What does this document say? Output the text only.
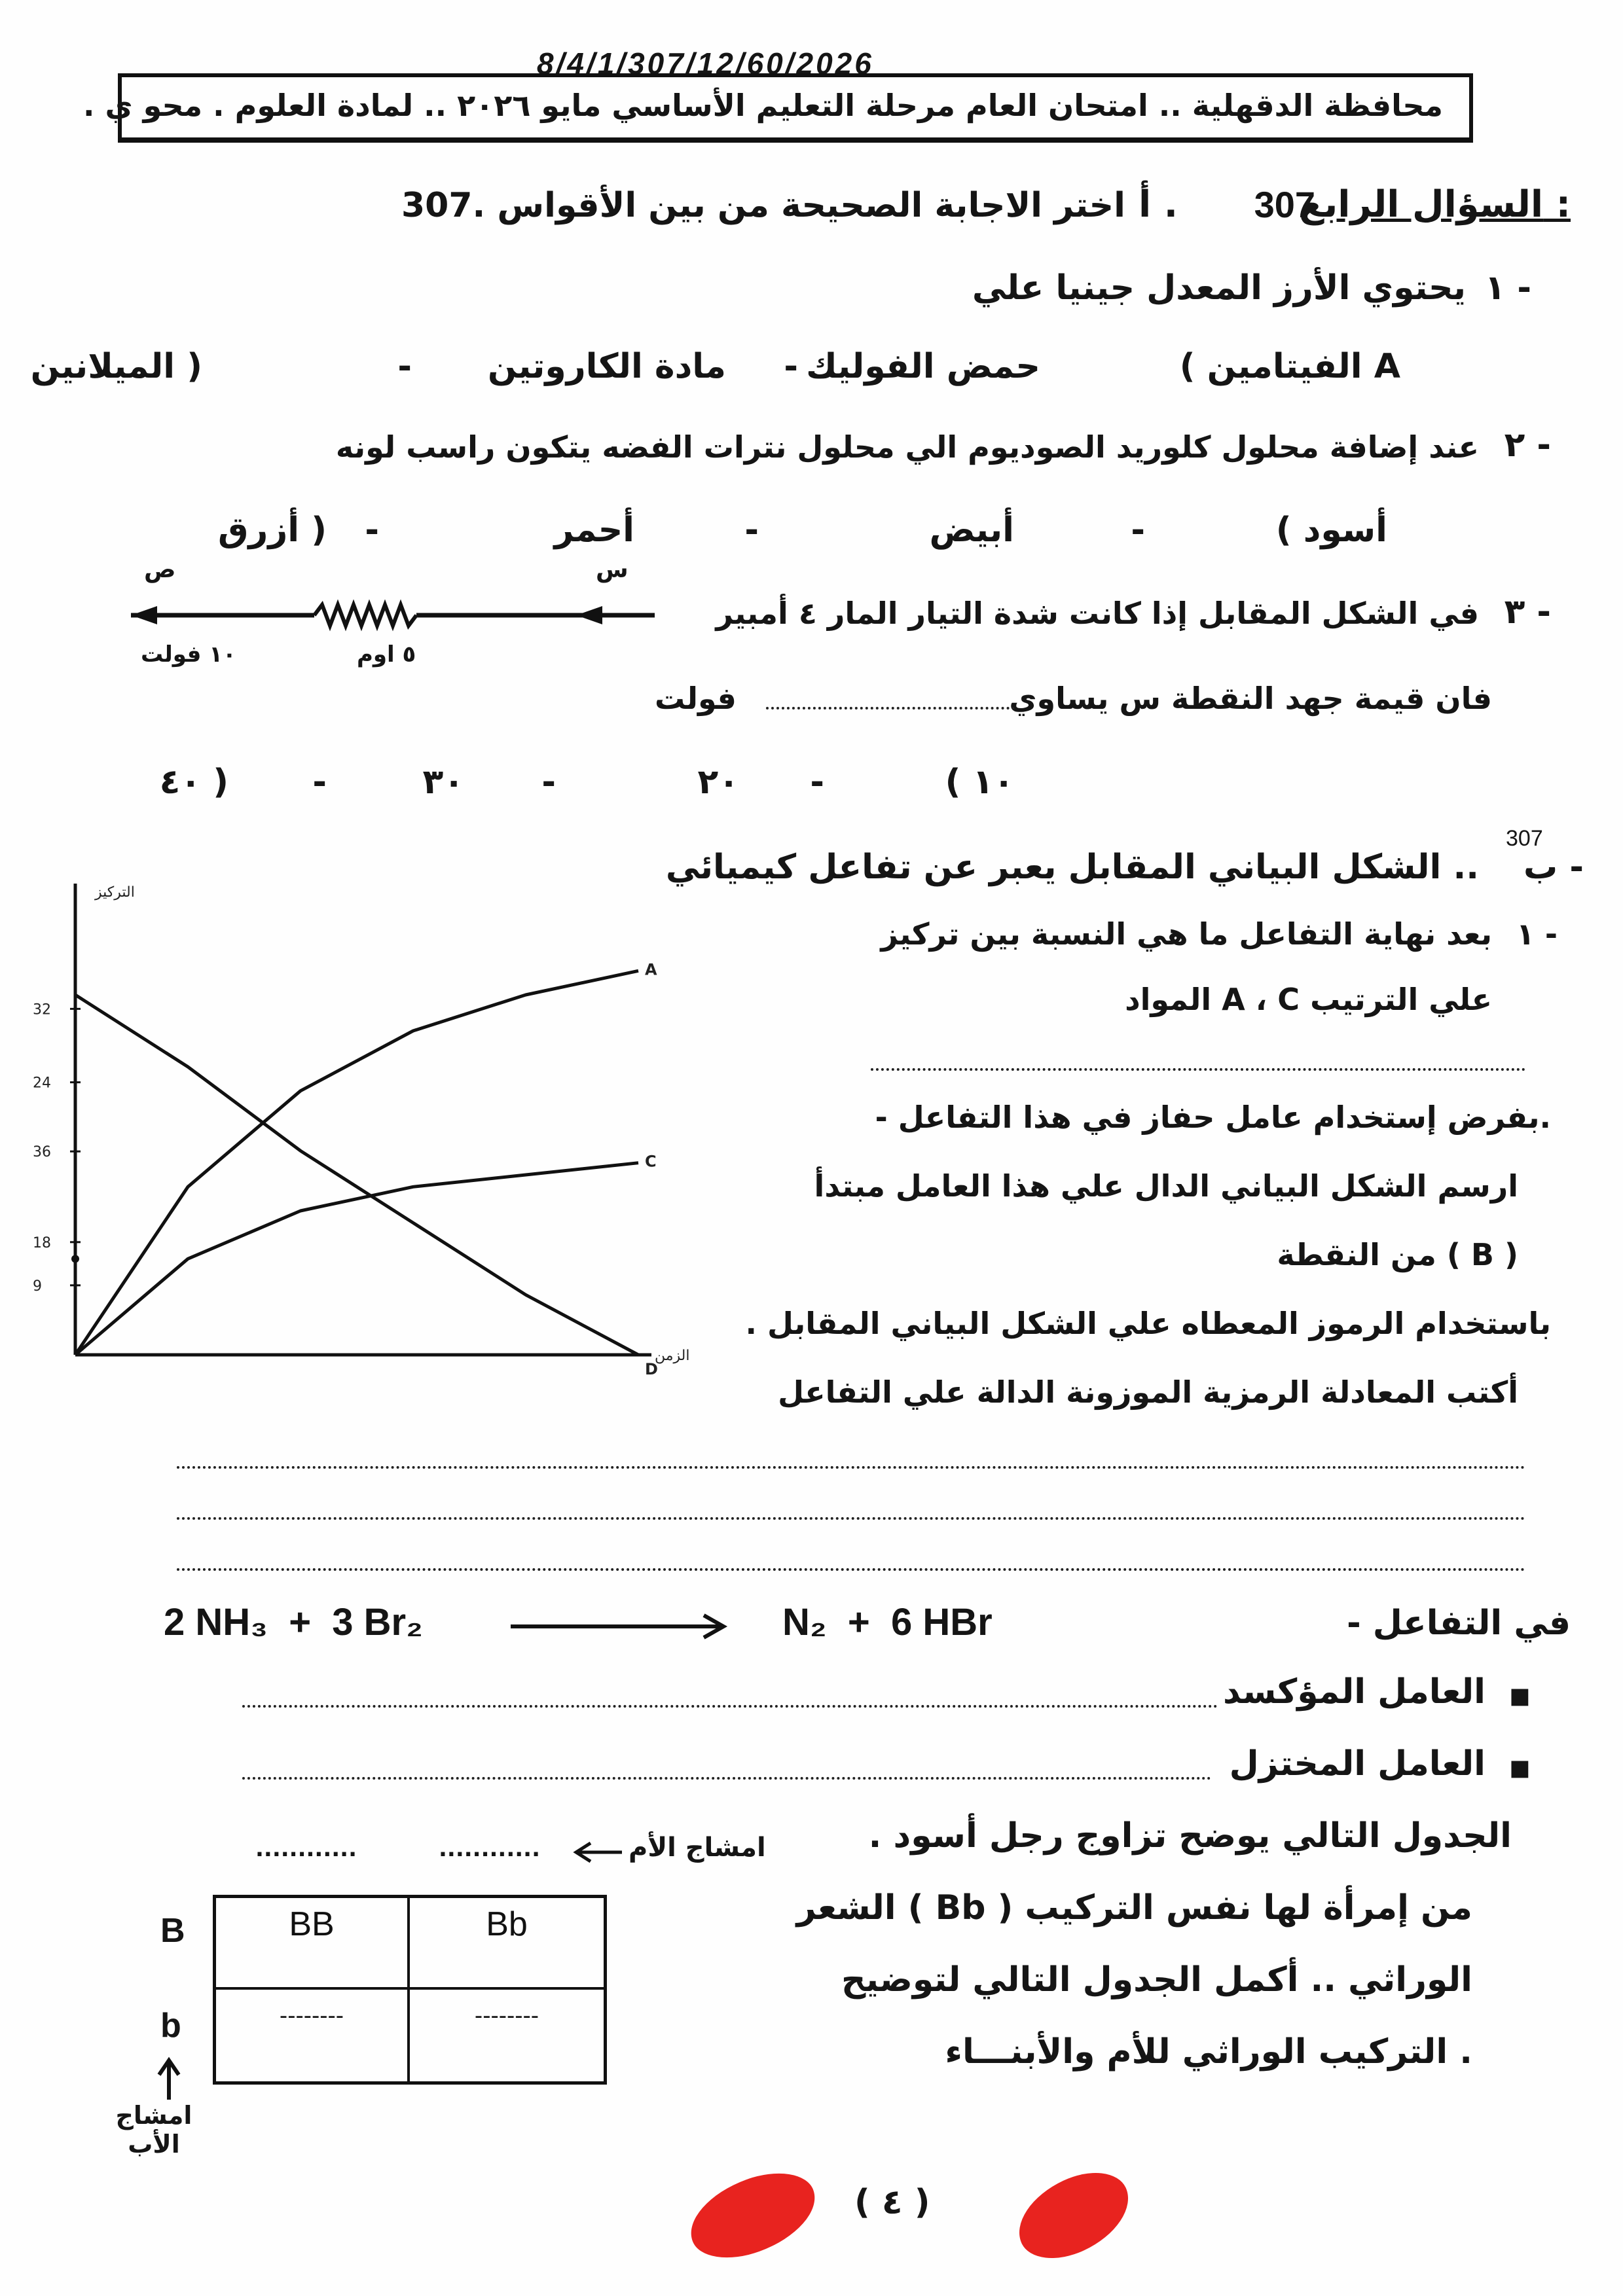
8/4/1/307/12/60/2026
محافظة الدقهلية .. امتحان العام مرحلة التعليم الأساسي مايو ٢٠٢٦ .. لمادة العلوم . محو ي .
السؤال الرابع :
307
أ .
اختر الاجابة الصحيحة من بين الأقواس .307
١ -
يحتوي الأرز المعدل جينيا علي
( الفيتامين A
حمض الفوليك
مادة الكاروتين
الميلانين )	-
-
٢ -
عند إضافة محلول كلوريد الصوديوم الي محلول نترات الفضه يتكون راسب لونه
( أسود
أبيض
أحمر
أزرق )	-
-
-
٣ -
في الشكل المقابل إذا كانت شدة التيار المار ٤ أمبير
فان قيمة جهد النقطة س يساوي
فولت
ص	س
١٠ فولت	٥ اوم
( ١٠
٢٠
٣٠
٤٠ )	-
-
-
307
ب -
الشكل البياني المقابل يعبر عن تفاعل كيميائي ..
١ -
بعد نهاية التفاعل ما هي النسبة بين تركيز
المواد A ، C علي الترتيب
- بفرض إستخدام عامل حفاز في هذا التفاعل.
ارسم الشكل البياني الدال علي هذا العامل مبتدأ
من النقطة ( B )
. باستخدام الرموز المعطاه علي الشكل البياني المقابل
أكتب المعادلة الرمزية الموزونة الدالة علي التفاعل
التركيز
الزمن
9
18
36
24
32
A
C
D
- في التفاعل
2 NH₃  +  3 Br₂	N₂  +  6 HBr
▪
العامل المؤكسد
▪
العامل المختزل
. الجدول التالي يوضح تزاوج رجل أسود
الشعر ( Bb ) من إمرأة لها نفس التركيب
الوراثي .. أكمل الجدول التالي لتوضيح
التركيب الوراثي للأم والأبنـــاء .
............	............	امشاج الأم
BB	Bb
--------	--------
B
b
امشاج الأب
( ٤ )
